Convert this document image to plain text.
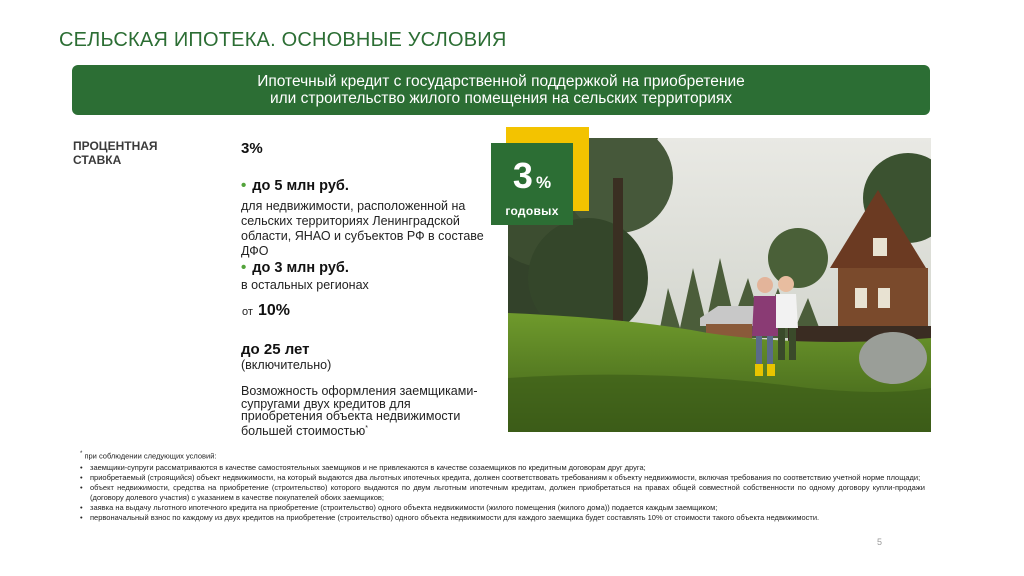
СЕЛЬСКАЯ ИПОТЕКА. ОСНОВНЫЕ УСЛОВИЯ
Ипотечный кредит с государственной поддержкой на приобретение
или строительство жилого помещения на сельских территориях
ПРОЦЕНТНАЯ СТАВКА
3%
• до 5 млн руб.
для недвижимости, расположенной на сельских территориях Ленинградской области, ЯНАО и субъектов РФ в составе ДФО
• до 3 млн руб.
в остальных регионах
от 10%
до 25 лет
(включительно)
Возможность оформления заемщиками-супругами двух кредитов для приобретения объекта недвижимости большей стоимостью*
3 %
годовых
* при соблюдении следующих условий:
• заемщики-супруги рассматриваются в качестве самостоятельных заемщиков и не привлекаются в качестве созаемщиков по кредитным договорам друг друга;
• приобретаемый (строящийся) объект недвижимости, на который выдаются два льготных ипотечных кредита, должен соответствовать требованиям к объекту недвижимости, включая требования по соответствию учетной норме площади;
• объект недвижимости, средства на приобретение (строительство) которого выдаются по двум льготным ипотечным кредитам, должен приобретаться на правах общей совместной собственности по одному договору купли-продажи (договору долевого участия) с указанием в качестве покупателей обоих заемщиков;
• заявка на выдачу льготного ипотечного кредита на приобретение (строительство) одного объекта недвижимости (жилого помещения (жилого дома)) подается каждым заемщиком;
• первоначальный взнос по каждому из двух кредитов на приобретение (строительство) одного объекта недвижимости для каждого заемщика будет составлять 10% от стоимости такого объекта недвижимости.
5
